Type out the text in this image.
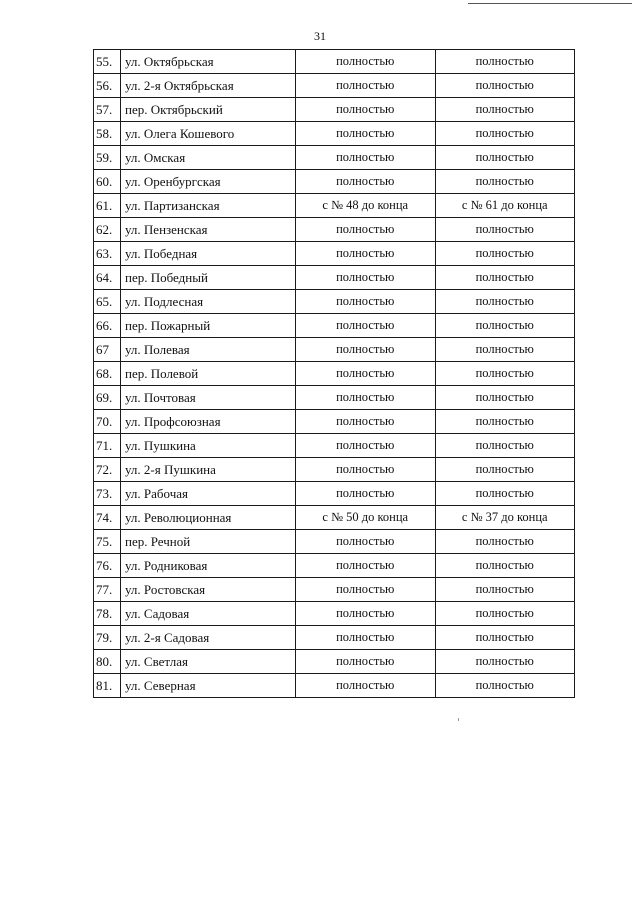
31
55.	ул. Октябрьская	полностью	полностью
56.	ул. 2-я Октябрьская	полностью	полностью
57.	пер. Октябрьский	полностью	полностью
58.	ул. Олега Кошевого	полностью	полностью
59.	ул. Омская	полностью	полностью
60.	ул. Оренбургская	полностью	полностью
61.	ул. Партизанская	с № 48 до конца	с № 61 до конца
62.	ул. Пензенская	полностью	полностью
63.	ул. Победная	полностью	полностью
64.	пер. Победный	полностью	полностью
65.	ул. Подлесная	полностью	полностью
66.	пер. Пожарный	полностью	полностью
67	ул. Полевая	полностью	полностью
68.	пер. Полевой	полностью	полностью
69.	ул. Почтовая	полностью	полностью
70.	ул. Профсоюзная	полностью	полностью
71.	ул. Пушкина	полностью	полностью
72.	ул. 2-я Пушкина	полностью	полностью
73.	ул. Рабочая	полностью	полностью
74.	ул. Революционная	с № 50 до конца	с № 37 до конца
75.	пер. Речной	полностью	полностью
76.	ул. Родниковая	полностью	полностью
77.	ул. Ростовская	полностью	полностью
78.	ул. Садовая	полностью	полностью
79.	ул. 2-я Садовая	полностью	полностью
80.	ул. Светлая	полностью	полностью
81.	ул. Северная	полностью	полностью
